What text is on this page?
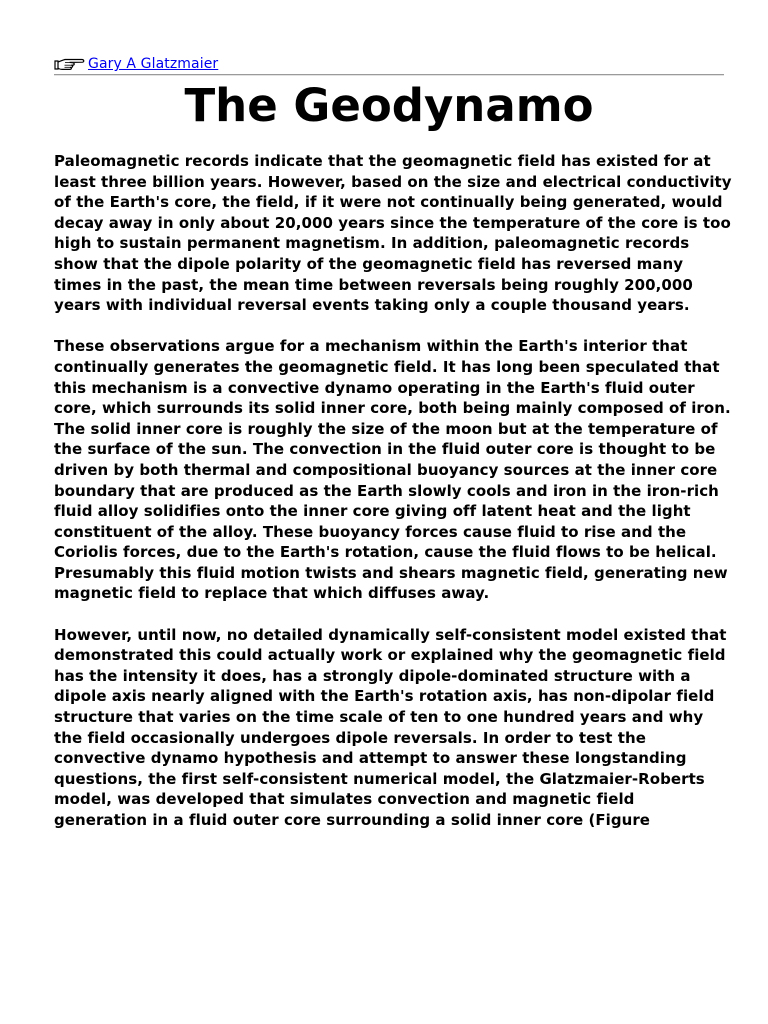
Gary A Glatzmaier
The Geodynamo

Paleomagnetic records indicate that the geomagnetic field has existed for at least three billion years. However, based on the size and electrical conductivity of the Earth's core, the field, if it were not continually being generated, would decay away in only about 20,000 years since the temperature of the core is too high to sustain permanent magnetism. In addition, paleomagnetic records show that the dipole polarity of the geomagnetic field has reversed many times in the past, the mean time between reversals being roughly 200,000 years with individual reversal events taking only a couple thousand years.

These observations argue for a mechanism within the Earth's interior that continually generates the geomagnetic field. It has long been speculated that this mechanism is a convective dynamo operating in the Earth's fluid outer core, which surrounds its solid inner core, both being mainly composed of iron. The solid inner core is roughly the size of the moon but at the temperature of the surface of the sun. The convection in the fluid outer core is thought to be driven by both thermal and compositional buoyancy sources at the inner core boundary that are produced as the Earth slowly cools and iron in the iron-rich fluid alloy solidifies onto the inner core giving off latent heat and the light constituent of the alloy. These buoyancy forces cause fluid to rise and the Coriolis forces, due to the Earth's rotation, cause the fluid flows to be helical. Presumably this fluid motion twists and shears magnetic field, generating new magnetic field to replace that which diffuses away.

However, until now, no detailed dynamically self-consistent model existed that demonstrated this could actually work or explained why the geomagnetic field has the intensity it does, has a strongly dipole-dominated structure with a dipole axis nearly aligned with the Earth's rotation axis, has non-dipolar field structure that varies on the time scale of ten to one hundred years and why the field occasionally undergoes dipole reversals. In order to test the convective dynamo hypothesis and attempt to answer these longstanding questions, the first self-consistent numerical model, the Glatzmaier-Roberts model, was developed that simulates convection and magnetic field generation in a fluid outer core surrounding a solid inner core (Figure
